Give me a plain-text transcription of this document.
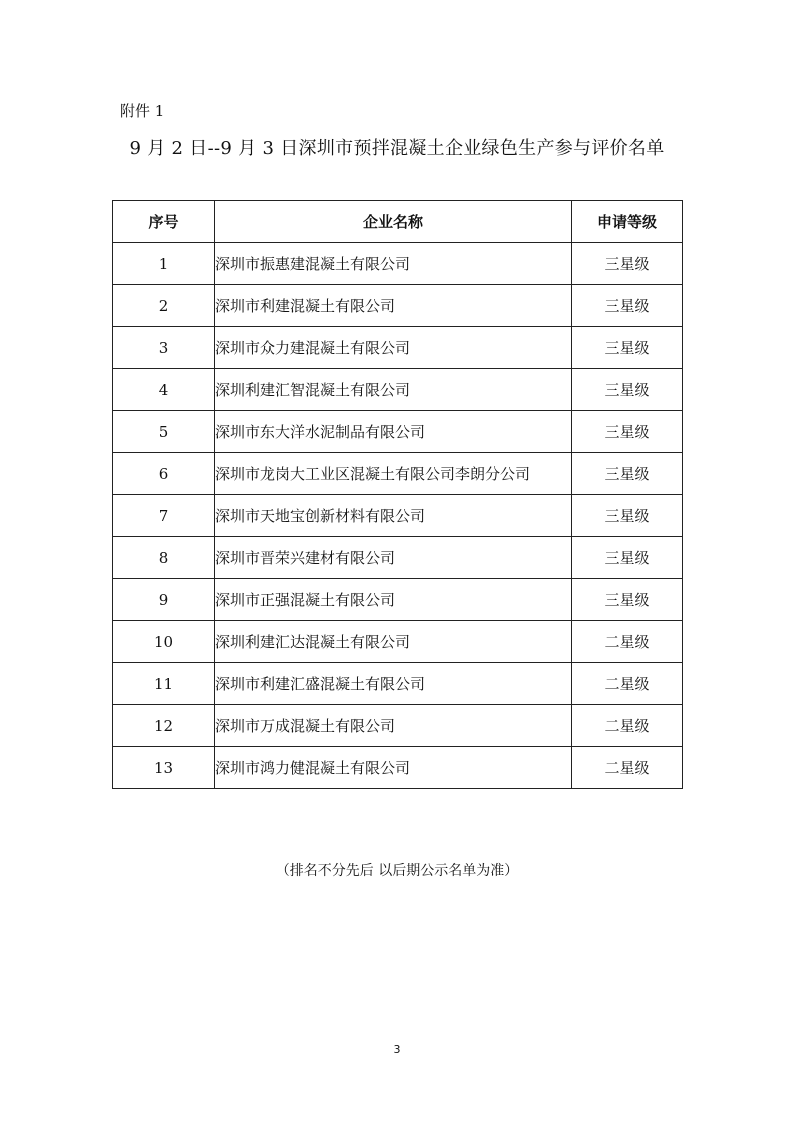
附件 1
9 月 2 日--9 月 3 日深圳市预拌混凝土企业绿色生产参与评价名单
序号	企业名称	申请等级
1	深圳市振惠建混凝土有限公司	三星级
2	深圳市利建混凝土有限公司	三星级
3	深圳市众力建混凝土有限公司	三星级
4	深圳利建汇智混凝土有限公司	三星级
5	深圳市东大洋水泥制品有限公司	三星级
6	深圳市龙岗大工业区混凝土有限公司李朗分公司	三星级
7	深圳市天地宝创新材料有限公司	三星级
8	深圳市晋荣兴建材有限公司	三星级
9	深圳市正强混凝土有限公司	三星级
10	深圳利建汇达混凝土有限公司	二星级
11	深圳市利建汇盛混凝土有限公司	二星级
12	深圳市万成混凝土有限公司	二星级
13	深圳市鸿力健混凝土有限公司	二星级
（排名不分先后 以后期公示名单为准）
3
